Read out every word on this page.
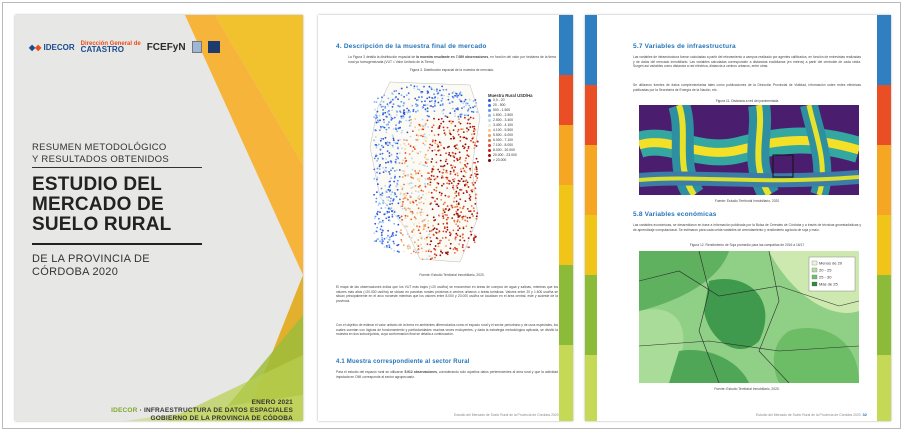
◆◆ IDECOR Dirección General de
CATASTRO	FCEFyN
RESUMEN METODOLÓGICO
Y RESULTADOS OBTENIDOS
ESTUDIO DEL
MERCADO DE
SUELO RURAL
DE LA PROVINCIA DE
CÓRDOBA 2020
ENERO 2021
IDECOR · INFRAESTRUCTURA DE DATOS ESPACIALES
GOBIERNO DE LA PROVINCIA DE CÓDOBA
4. Descripción de la muestra final de mercado
La Figura 3 detalla la distribución espacial de la muestra resultante en 7.089 observaciones, en función del valor por hectárea de la tierra rural ya homogeneizada (VUT = Valor Unitario de la Tierra)
Figura 3. Distribución espacial de la muestra de mercado.
Muestra Rural USD/Ha
0,0 - 20
20 - 500
500 - 1.500
1.500 - 2.500
2.500 - 3.400
3.400 - 4.100
4.100 - 5.500
5.500 - 6.000
6.000 - 7.100
7.100 - 8.000
8.000 - 20.000
20.000 - 23.000
> 23.000
Fuente: Estudio Territorial Inmobiliario, 2020.
El mapa de las observaciones indica que los VUT más bajos (<20 usd/ha) se encuentran en áreas de cuerpos de agua y salinas, mientras que los valores más altos (>20.000 usd/ha) se ubican en parcelas rurales próximas a centros urbanos o áreas turísticas. Valores entre 20 y 1.600 usd/ha se sitúan principalmente en el arco noroeste mientras que los valores entre 8.000 y 20.000 usd/ha se localizan en el área central, este y sudeste de la provincia.
Con el objetivo de estimar el valor unitario de la tierra en ambientes diferenciados como el espacio rural y el sector periurbano y de usos especiales, los cuales cuentan con lógicas de funcionamiento y particularidades muchas veces excluyentes, y dada la estrategia metodológica aplicada, se dividió la muestra en dos subconjuntos, cuya conformación final se detalla a continuación.
4.1 Muestra correspondiente al sector Rural
Para el estudio del espacio rural se utilizaron 5.912 observaciones, considerando sólo aquellos datos pertenecientes al área rural y que la actividad imputada en OMI corresponde al sector agropecuario.
Estudio del Mercado de Suelo Rural de la Provincia de Córdoba 2020
5.7 Variables de infraestructura
Las variables de infraestructura fueron calculadas a partir del relevamiento a campos realizado por agentes calificados, en función de entrevistas realizadas y de datos del mercado inmobiliario. Las variables calculadas corresponden a distancias euclidianas (en metros) a partir del centroide de cada celda. Surgen así variables como distancia a red eléctrica, distancia a centros urbanos, entre otras.
Se utilizaron fuentes de datos complementarias tales como publicaciones de la Dirección Provincial de Vialidad, información sobre redes eléctricas publicadas por la Secretaría de Energía de la Nación, etc.
Figura 11. Distancia a red del pavimentada
Fuente: Estudio Territorial Inmobiliario, 2020
5.8 Variables económicas
Las variables económicas, se desarrollaron en base a información publicada por la Bolsa de Cereales de Córdoba y a través de técnicas geoestadísticas y de aprendizaje computacional. Se estimaron para cada celda variables de arrendamiento y rendimiento agrícola de soja y maíz.
Figura 12. Rendimiento de Soja promedio para las campañas de 2016 a 16/17
Menos de 20
20 - 25
25 - 30
Más de 25
Fuente: Estudio Territorial Inmobiliario, 2020.
Estudio del Mercado de Suelo Rural de la Provincia de Córdoba 2020 32
